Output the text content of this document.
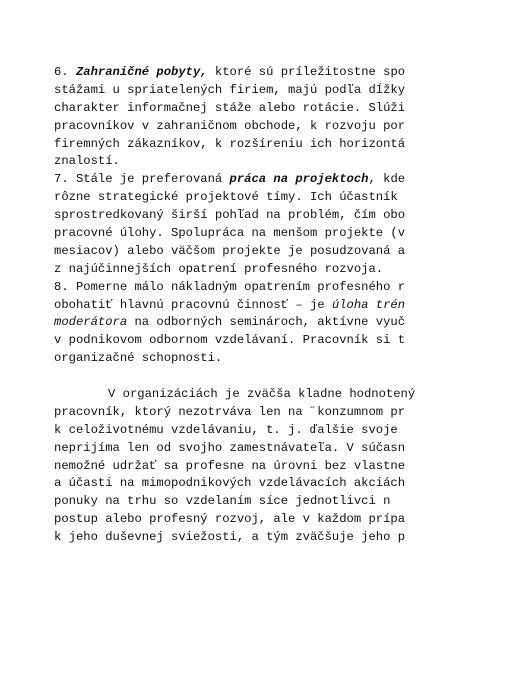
6. Zahraničné pobyty, ktoré sú príležitostne spo
stážami u spriatelených firiem, majú podľa dĺžky
charakter informačnej stáže alebo rotácie. Slúži
pracovníkov v zahraničnom obchode, k rozvoju por
firemných zákazníkov, k rozšíreniu ich horizontá
znalostí.
7. Stále je preferovaná práca na projektoch, kde
rôzne strategické projektové tímy. Ich účastník
sprostredkovaný širší pohľad na problém, čím obo
pracovné úlohy. Spolupráca na menšom projekte (v
mesiacov) alebo väčšom projekte je posudzovaná a
z najúčinnejších opatrení profesného rozvoja.
8. Pomerne málo nákladným opatrením profesného r
obohatiť hlavnú pracovnú činnosť – je úloha trén
moderátora na odborných seminároch, aktívne vyuč
v podnikovom odbornom vzdelávaní. Pracovník si t
organizačné schopnosti.
V organizáciách je zväčša kladne hodnotený
pracovník, ktorý nezotrváva len na ˝konzumnom pr
k celoživotnému vzdelávaniu, t. j. ďalšie svoje
neprijíma len od svojho zamestnávateľa. V súčasn
nemožné udržať sa profesne na úrovni bez vlastne
a účasti na mimopodnikových vzdelávacích akciách
ponuky na trhu so vzdelaním síce jednotlivci n
postup alebo profesný rozvoj, ale v každom prípa
k jeho duševnej sviežosti, a tým zväčšuje jeho p
